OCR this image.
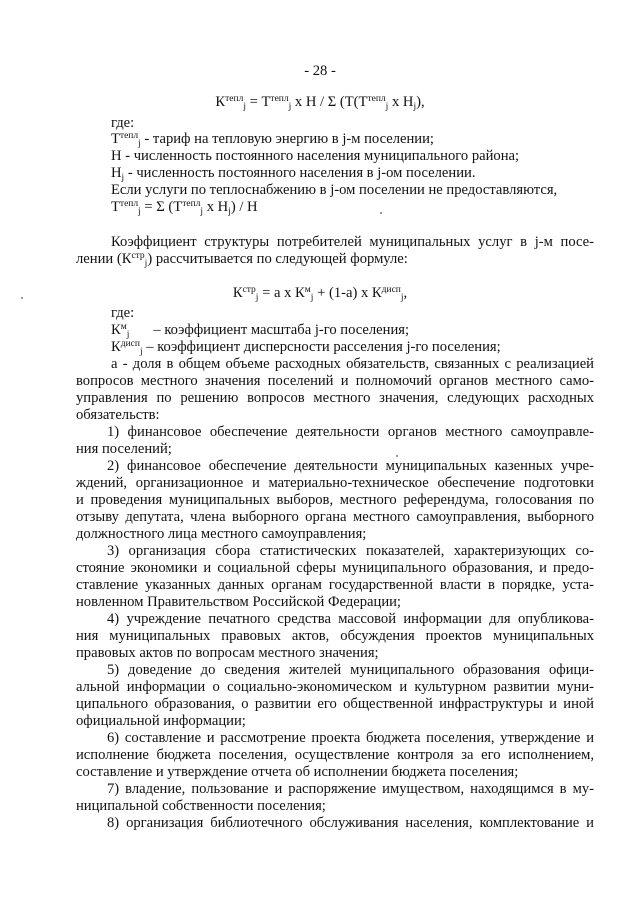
- 28 -
$К^{тепл}_j = Т^{тепл}_j$ х Н / Σ ($Т(Т^{тепл}_j$ х $Н_j$),
где:
$Т^{тепл}_j$ - тариф на тепловую энергию в j-м поселении;
Н - численность постоянного населения муниципального района;
$Н_j$ - численность постоянного населения в j-ом поселении.
Если услуги по теплоснабжению в j-ом поселении не предоставляются,
$Т^{тепл}_j = \Sigma$ ($Т^{тепл}_j$ х $Н_j$) / Н
Коэффициент структуры потребителей муниципальных услуг в j-м посе-
лении $(К^{стр}_j)$ рассчитывается по следующей формуле:
$К^{стр}_j = а$ х $К^м_j + (1-а)$ х $К^{дисп}_j$,
где:
$К^м_j$ – коэффициент масштаба j-го поселения;
$К^{дисп}_j$ – коэффициент дисперсности расселения j-го поселения;
а - доля в общем объеме расходных обязательств, связанных с реализацией
вопросов местного значения поселений и полномочий органов местного само-
управления по решению вопросов местного значения, следующих расходных
обязательств:
1) финансовое обеспечение деятельности органов местного самоуправле-
ния поселений;
2) финансовое обеспечение деятельности муниципальных казенных учре-
ждений, организационное и материально-техническое обеспечение подготовки
и проведения муниципальных выборов, местного референдума, голосования по
отзыву депутата, члена выборного органа местного самоуправления, выборного
должностного лица местного самоуправления;
3) организация сбора статистических показателей, характеризующих со-
стояние экономики и социальной сферы муниципального образования, и предо-
ставление указанных данных органам государственной власти в порядке, уста-
новленном Правительством Российской Федерации;
4) учреждение печатного средства массовой информации для опубликова-
ния муниципальных правовых актов, обсуждения проектов муниципальных
правовых актов по вопросам местного значения;
5) доведение до сведения жителей муниципального образования офици-
альной информации о социально-экономическом и культурном развитии муни-
ципального образования, о развитии его общественной инфраструктуры и иной
официальной информации;
6) составление и рассмотрение проекта бюджета поселения, утверждение и
исполнение бюджета поселения, осуществление контроля за его исполнением,
составление и утверждение отчета об исполнении бюджета поселения;
7) владение, пользование и распоряжение имуществом, находящимся в му-
ниципальной собственности поселения;
8) организация библиотечного обслуживания населения, комплектование и
